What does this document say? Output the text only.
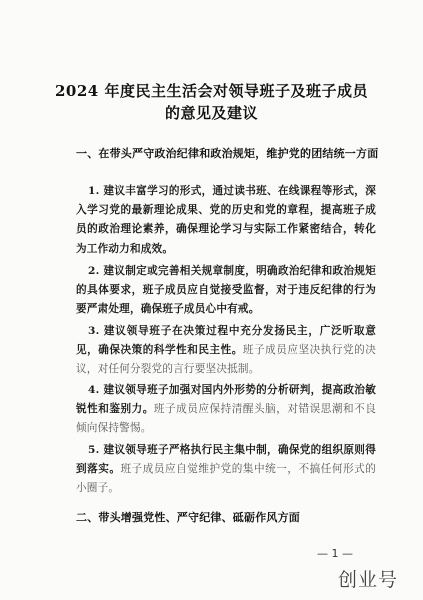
2024 年度民主生活会对领导班子及班子成员
的意见及建议
一、在带头严守政治纪律和政治规矩，维护党的团结统一方面
1. 建议丰富学习的形式，通过读书班、在线课程等形式，深入学习党的最新理论成果、党的历史和党的章程，提高班子成员的政治理论素养，确保理论学习与实际工作紧密结合，转化为工作动力和成效。
2. 建议制定或完善相关规章制度，明确政治纪律和政治规矩的具体要求，班子成员应自觉接受监督，对于违反纪律的行为要严肃处理，确保班子成员心中有戒。
3. 建议领导班子在决策过程中充分发扬民主，广泛听取意见，确保决策的科学性和民主性。班子成员应坚决执行党的决议，对任何分裂党的言行要坚决抵制。
4. 建议领导班子加强对国内外形势的分析研判，提高政治敏锐性和鉴别力。班子成员应保持清醒头脑，对错误思潮和不良倾向保持警惕。
5. 建议领导班子严格执行民主集中制，确保党的组织原则得到落实。班子成员应自觉维护党的集中统一，不搞任何形式的小圈子。
二、带头增强党性、严守纪律、砥砺作风方面
— 1 —
创业号
